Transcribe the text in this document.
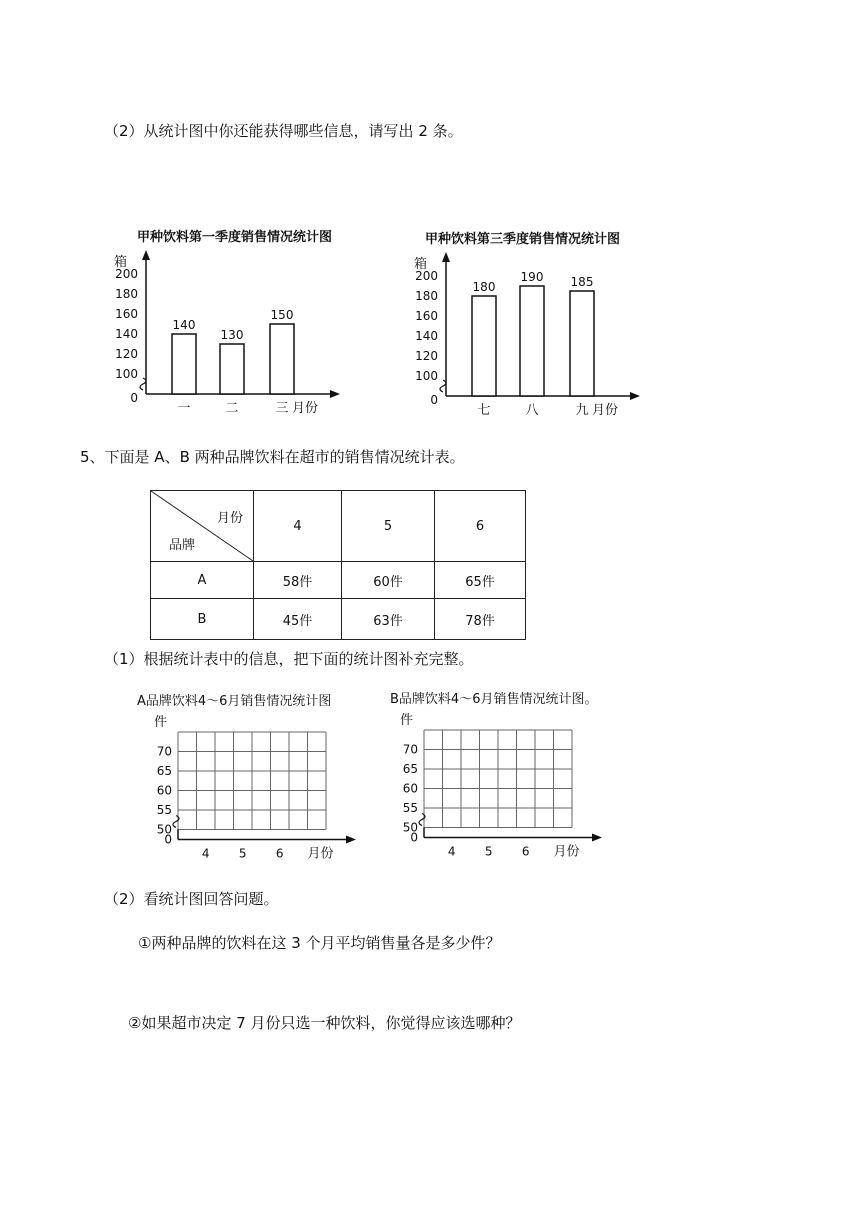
（2）从统计图中你还能获得哪些信息，请写出 2 条。
甲种饮料第一季度销售情况统计图
箱
0
100
120
140
160
180
200
140
一
130
二
150
三 月份
甲种饮料第三季度销售情况统计图
箱
0
100
120
140
160
180
200
180
七
190
八
185
九 月份
5、下面是 A、B 两种品牌饮料在超市的销售情况统计表。
月份
品牌	4	5	6
A	58件	60件	65件
B	45件	63件	78件
（1）根据统计表中的信息，把下面的统计图补充完整。
A品牌饮料4～6月销售情况统计图
件
0
50
55
60
65
70
4 5 6 月份
B品牌饮料4～6月销售情况统计图。
件
0
50
55
60
65
70
4 5 6 月份
（2）看统计图回答问题。
①两种品牌的饮料在这 3 个月平均销售量各是多少件？
②如果超市决定 7 月份只选一种饮料，你觉得应该选哪种？
